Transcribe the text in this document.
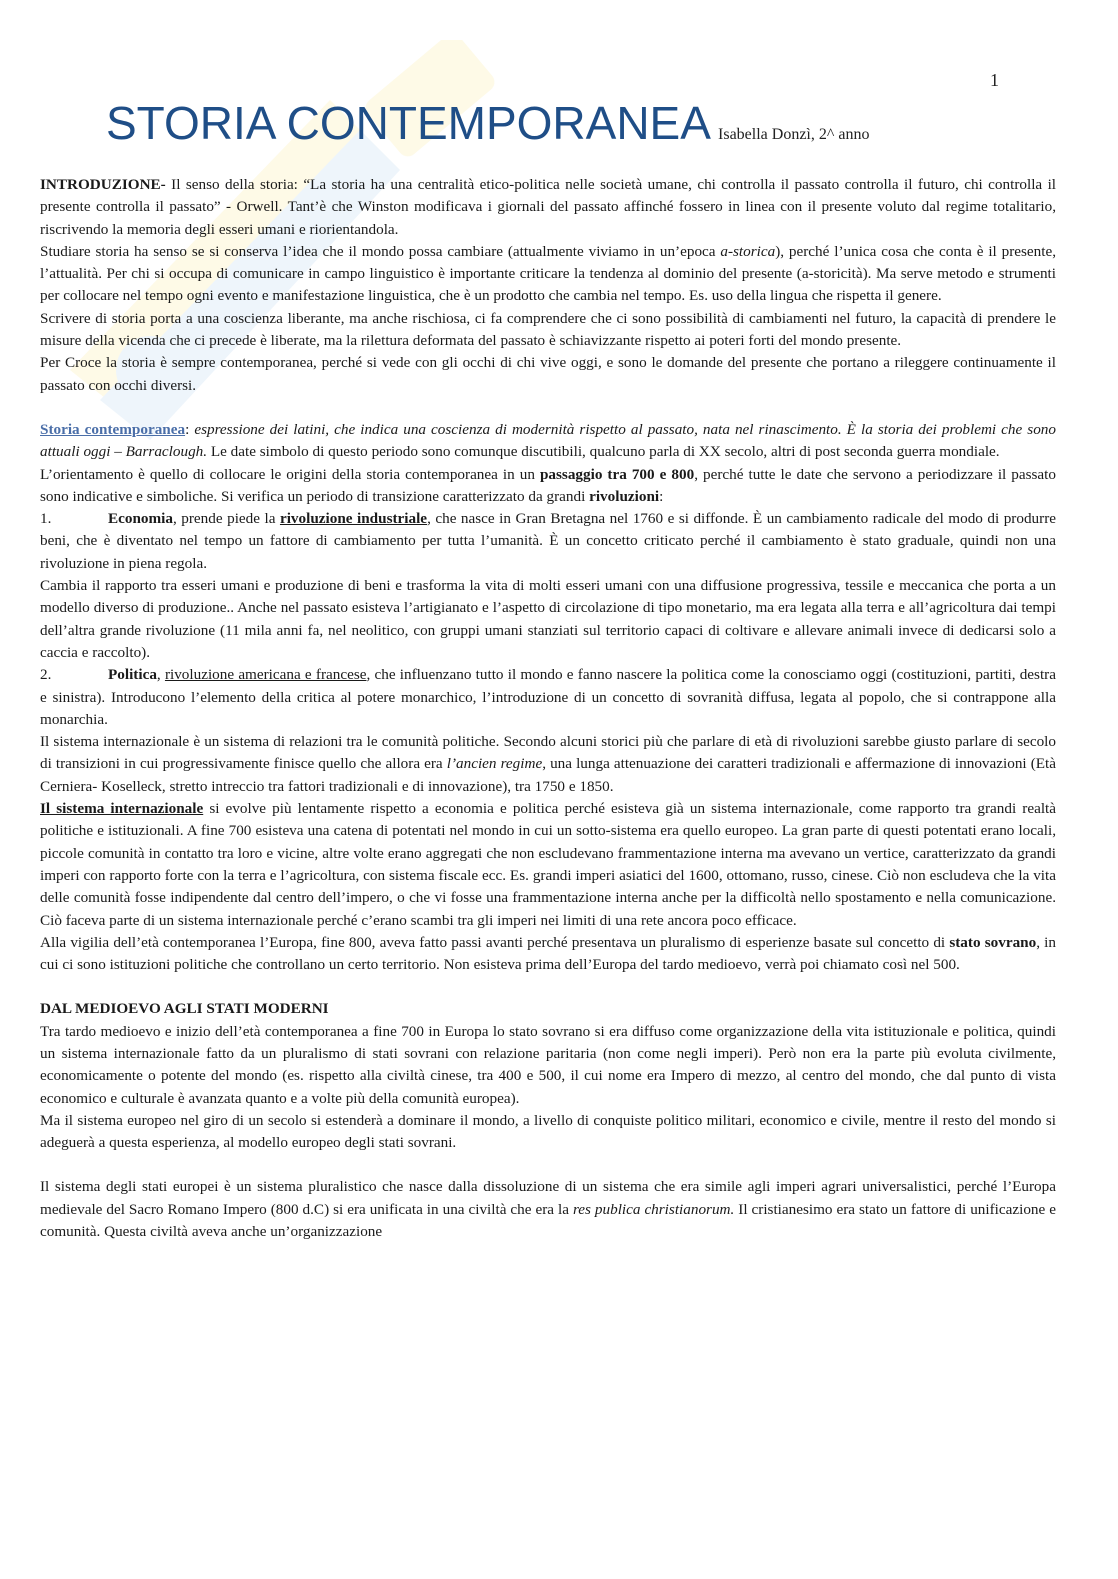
1
STORIA CONTEMPORANEA Isabella Donzì, 2^ anno

INTRODUZIONE- Il senso della storia: “La storia ha una centralità etico-politica nelle società umane, chi controlla il passato controlla il futuro, chi controlla il presente controlla il passato” - Orwell. Tant’è che Winston modificava i giornali del passato affinché fossero in linea con il presente voluto dal regime totalitario, riscrivendo la memoria degli esseri umani e riorientandola.

Studiare storia ha senso se si conserva l’idea che il mondo possa cambiare (attualmente viviamo in un’epoca a-storica), perché l’unica cosa che conta è il presente, l’attualità. Per chi si occupa di comunicare in campo linguistico è importante criticare la tendenza al dominio del presente (a-storicità). Ma serve metodo e strumenti per collocare nel tempo ogni evento e manifestazione linguistica, che è un prodotto che cambia nel tempo. Es. uso della lingua che rispetta il genere.

Scrivere di storia porta a una coscienza liberante, ma anche rischiosa, ci fa comprendere che ci sono possibilità di cambiamenti nel futuro, la capacità di prendere le misure della vicenda che ci precede è liberate, ma la rilettura deformata del passato è schiavizzante rispetto ai poteri forti del mondo presente.

Per Croce la storia è sempre contemporanea, perché si vede con gli occhi di chi vive oggi, e sono le domande del presente che portano a rileggere continuamente il passato con occhi diversi.

Storia contemporanea: espressione dei latini, che indica una coscienza di modernità rispetto al passato, nata nel rinascimento. È la storia dei problemi che sono attuali oggi – Barraclough. Le date simbolo di questo periodo sono comunque discutibili, qualcuno parla di XX secolo, altri di post seconda guerra mondiale.

L’orientamento è quello di collocare le origini della storia contemporanea in un passaggio tra 700 e 800, perché tutte le date che servono a periodizzare il passato sono indicative e simboliche. Si verifica un periodo di transizione caratterizzato da grandi rivoluzioni:

1.	Economia, prende piede la rivoluzione industriale, che nasce in Gran Bretagna nel 1760 e si diffonde. È un cambiamento radicale del modo di produrre beni, che è diventato nel tempo un fattore di cambiamento per tutta l’umanità. È un concetto criticato perché il cambiamento è stato graduale, quindi non una rivoluzione in piena regola.

Cambia il rapporto tra esseri umani e produzione di beni e trasforma la vita di molti esseri umani con una diffusione progressiva, tessile e meccanica che porta a un modello diverso di produzione.. Anche nel passato esisteva l’artigianato e l’aspetto di circolazione di tipo monetario, ma era legata alla terra e all’agricoltura dai tempi dell’altra grande rivoluzione (11 mila anni fa, nel neolitico, con gruppi umani stanziati sul territorio capaci di coltivare e allevare animali invece di dedicarsi solo a caccia e raccolto).

2.	Politica, rivoluzione americana e francese, che influenzano tutto il mondo e fanno nascere la politica come la conosciamo oggi (costituzioni, partiti, destra e sinistra). Introducono l’elemento della critica al potere monarchico, l’introduzione di un concetto di sovranità diffusa, legata al popolo, che si contrappone alla monarchia.

Il sistema internazionale è un sistema di relazioni tra le comunità politiche. Secondo alcuni storici più che parlare di età di rivoluzioni sarebbe giusto parlare di secolo di transizioni in cui progressivamente finisce quello che allora era l’ancien regime, una lunga attenuazione dei caratteri tradizionali e affermazione di innovazioni (Età Cerniera- Koselleck, stretto intreccio tra fattori tradizionali e di innovazione), tra 1750 e 1850.

Il sistema internazionale si evolve più lentamente rispetto a economia e politica perché esisteva già un sistema internazionale, come rapporto tra grandi realtà politiche e istituzionali. A fine 700 esisteva una catena di potentati nel mondo in cui un sotto-sistema era quello europeo. La gran parte di questi potentati erano locali, piccole comunità in contatto tra loro e vicine, altre volte erano aggregati che non escludevano frammentazione interna ma avevano un vertice, caratterizzato da grandi imperi con rapporto forte con la terra e l’agricoltura, con sistema fiscale ecc. Es. grandi imperi asiatici del 1600, ottomano, russo, cinese. Ciò non escludeva che la vita delle comunità fosse indipendente dal centro dell’impero, o che vi fosse una frammentazione interna anche per la difficoltà nello spostamento e nella comunicazione. Ciò faceva parte di un sistema internazionale perché c’erano scambi tra gli imperi nei limiti di una rete ancora poco efficace.

Alla vigilia dell’età contemporanea l’Europa, fine 800, aveva fatto passi avanti perché presentava un pluralismo di esperienze basate sul concetto di stato sovrano, in cui ci sono istituzioni politiche che controllano un certo territorio. Non esisteva prima dell’Europa del tardo medioevo, verrà poi chiamato così nel 500.

DAL MEDIOEVO AGLI STATI MODERNI

Tra tardo medioevo e inizio dell’età contemporanea a fine 700 in Europa lo stato sovrano si era diffuso come organizzazione della vita istituzionale e politica, quindi un sistema internazionale fatto da un pluralismo di stati sovrani con relazione paritaria (non come negli imperi). Però non era la parte più evoluta civilmente, economicamente o potente del mondo (es. rispetto alla civiltà cinese, tra 400 e 500, il cui nome era Impero di mezzo, al centro del mondo, che dal punto di vista economico e culturale è avanzata quanto e a volte più della comunità europea).

Ma il sistema europeo nel giro di un secolo si estenderà a dominare il mondo, a livello di conquiste politico militari, economico e civile, mentre il resto del mondo si adeguerà a questa esperienza, al modello europeo degli stati sovrani.

Il sistema degli stati europei è un sistema pluralistico che nasce dalla dissoluzione di un sistema che era simile agli imperi agrari universalistici, perché l’Europa medievale del Sacro Romano Impero (800 d.C) si era unificata in una civiltà che era la res publica christianorum. Il cristianesimo era stato un fattore di unificazione e comunità. Questa civiltà aveva anche un’organizzazione
